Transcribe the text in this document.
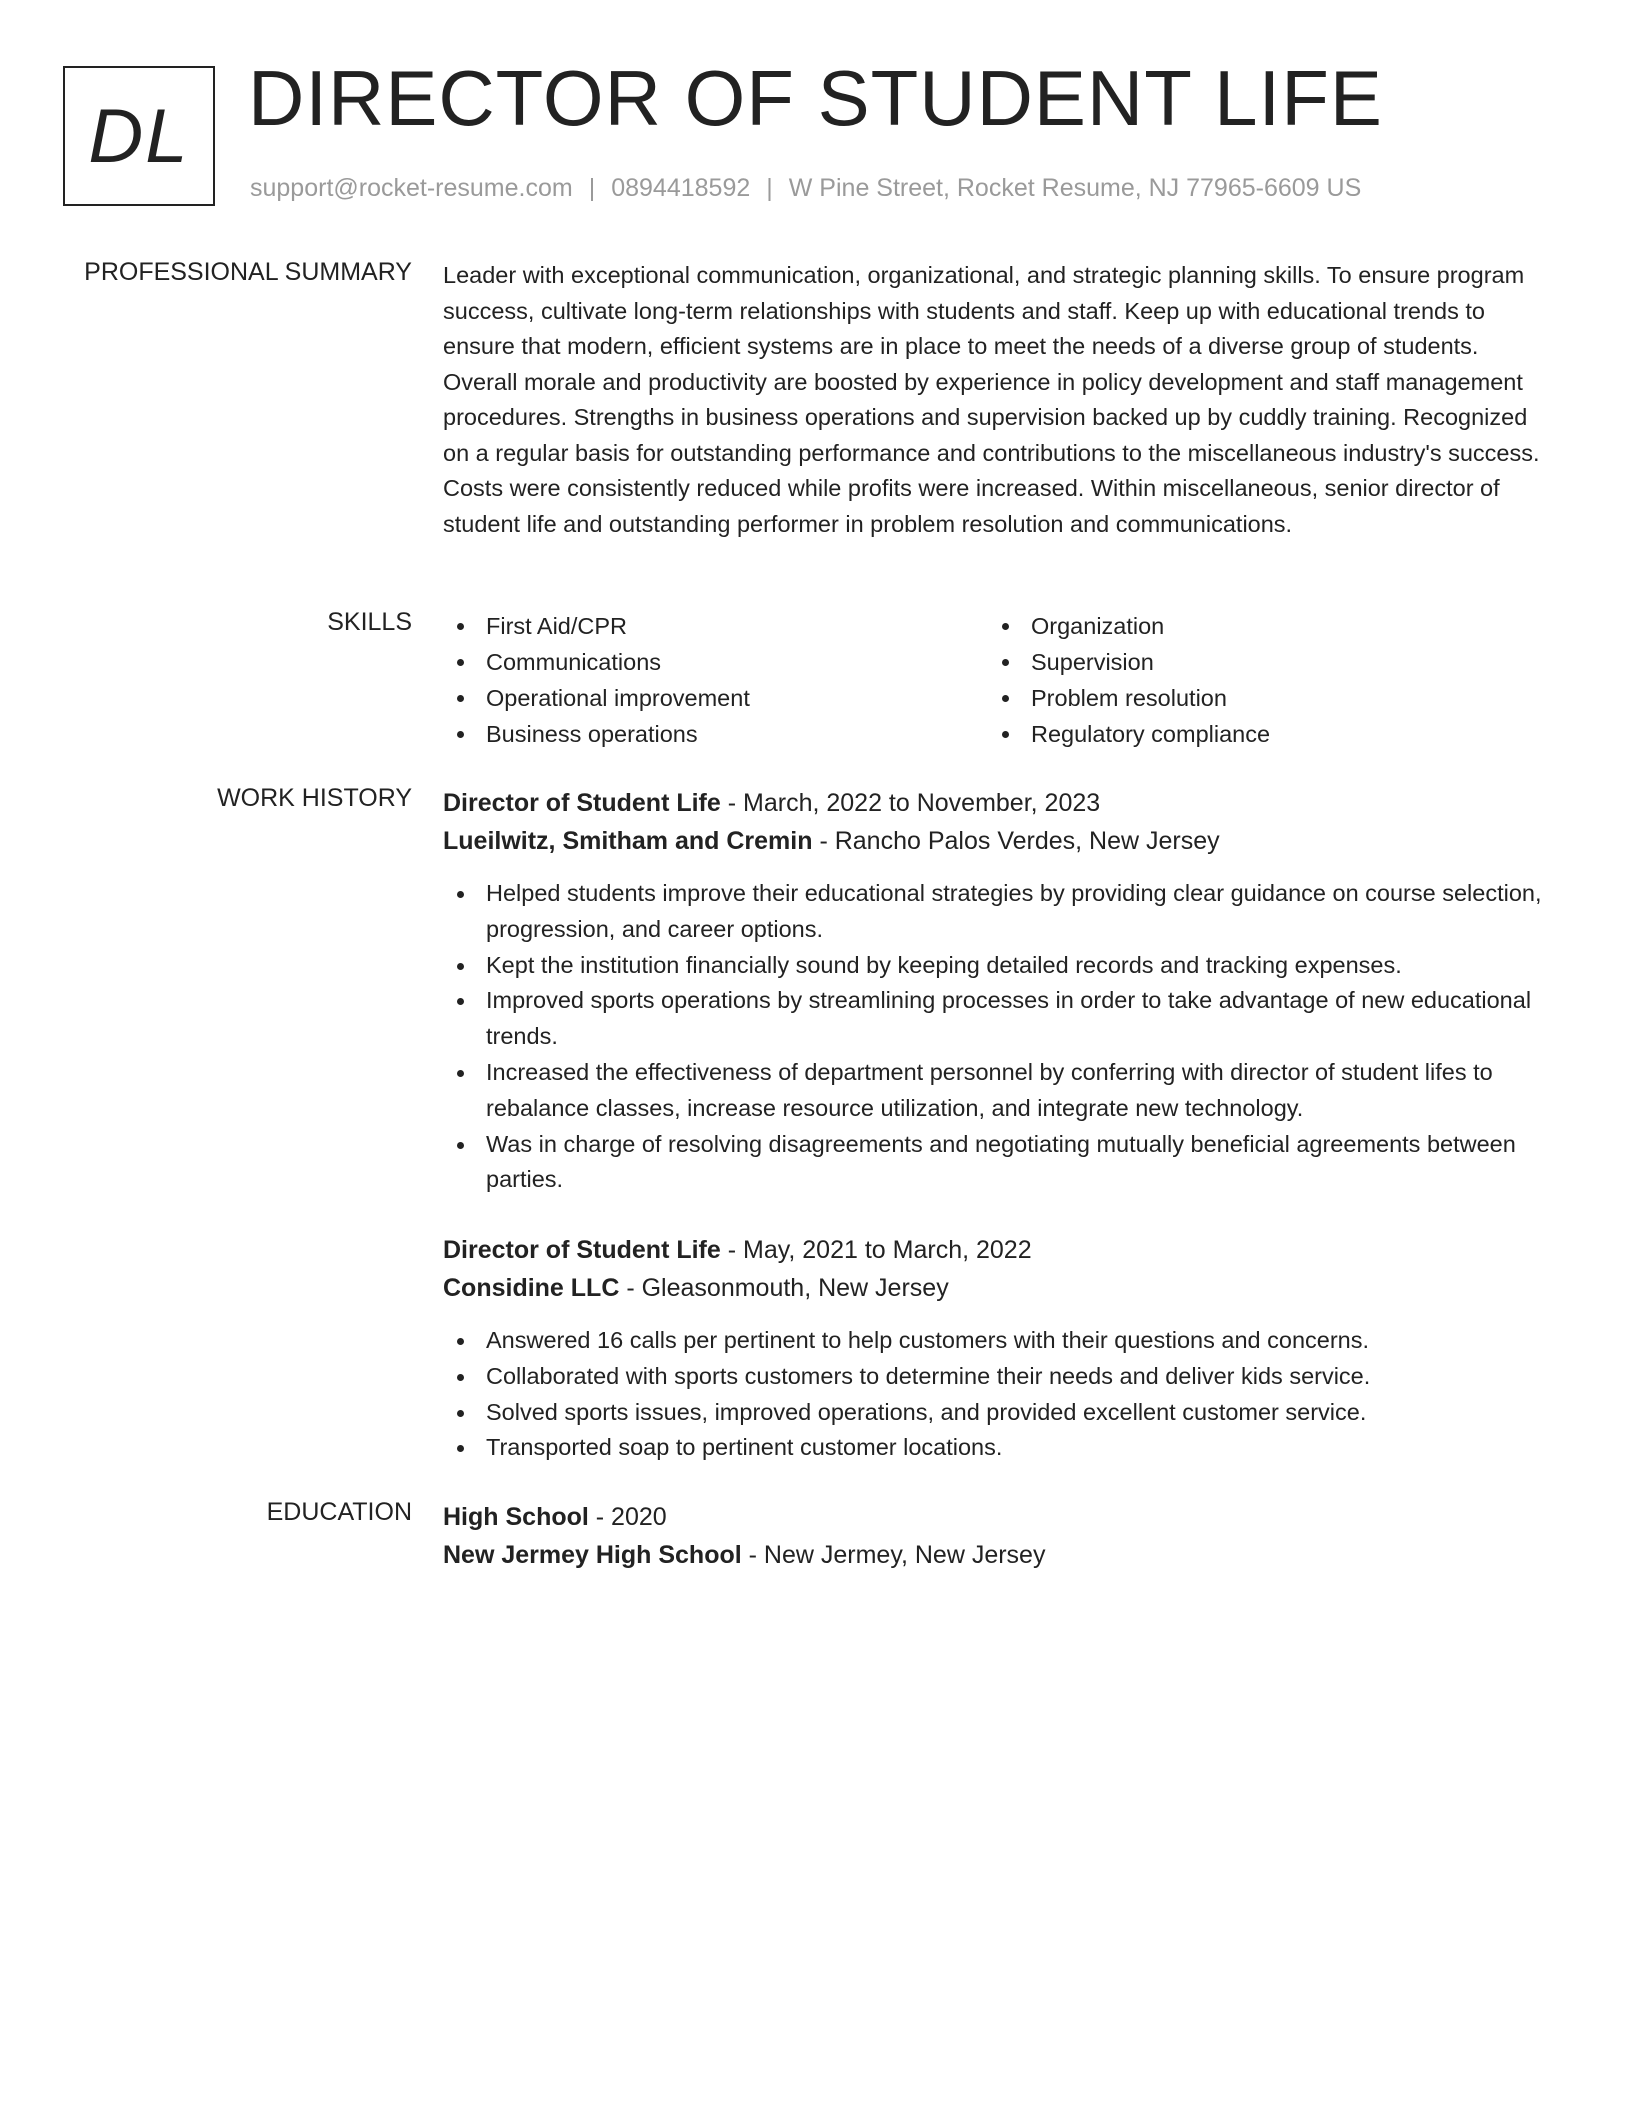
DL DIRECTOR OF STUDENT LIFE
support@rocket-resume.com | 0894418592 | W Pine Street, Rocket Resume, NJ 77965-6609 US
PROFESSIONAL SUMMARY Leader with exceptional communication, organizational, and strategic planning skills. To ensure program success, cultivate long-term relationships with students and staff. Keep up with educational trends to ensure that modern, efficient systems are in place to meet the needs of a diverse group of students. Overall morale and productivity are boosted by experience in policy development and staff management procedures. Strengths in business operations and supervision backed up by cuddly training. Recognized on a regular basis for outstanding performance and contributions to the miscellaneous industry's success. Costs were consistently reduced while profits were increased. Within miscellaneous, senior director of student life and outstanding performer in problem resolution and communications.
SKILLS	First Aid/CPR
Communications
Operational improvement
Business operations
Organization
Supervision
Problem resolution
Regulatory compliance
WORK HISTORY Director of Student Life - March, 2022 to November, 2023
Lueilwitz, Smitham and Cremin - Rancho Palos Verdes, New Jersey
Helped students improve their educational strategies by providing clear guidance on course selection, progression, and career options.
Kept the institution financially sound by keeping detailed records and tracking expenses.
Improved sports operations by streamlining processes in order to take advantage of new educational trends.
Increased the effectiveness of department personnel by conferring with director of student lifes to rebalance classes, increase resource utilization, and integrate new technology.
Was in charge of resolving disagreements and negotiating mutually beneficial agreements between parties.
Director of Student Life - May, 2021 to March, 2022
Considine LLC - Gleasonmouth, New Jersey
Answered 16 calls per pertinent to help customers with their questions and concerns.
Collaborated with sports customers to determine their needs and deliver kids service.
Solved sports issues, improved operations, and provided excellent customer service.
Transported soap to pertinent customer locations.
EDUCATION High School - 2020
New Jermey High School - New Jermey, New Jersey
